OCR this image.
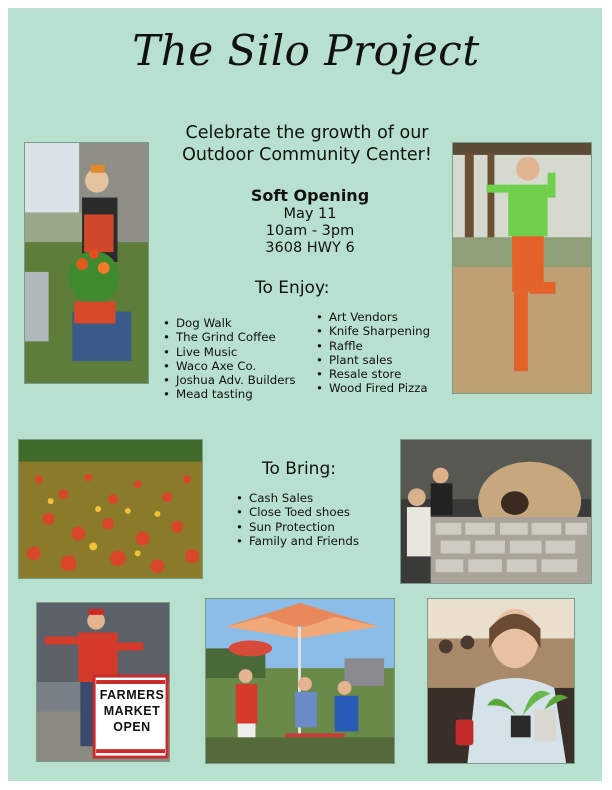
The Silo Project
Celebrate the growth of our
Outdoor Community Center!
Soft Opening
May 11
10am - 3pm
3608 HWY 6
To Enjoy:
• Dog Walk
• The Grind Coffee
• Live Music
• Waco Axe Co.
• Joshua Adv. Builders
• Mead tasting
• Art Vendors
• Knife Sharpening
• Raffle
• Plant sales
• Resale store
• Wood Fired Pizza
To Bring:
• Cash Sales
• Close Toed shoes
• Sun Protection
• Family and Friends
FARMERS
MARKET
OPEN
